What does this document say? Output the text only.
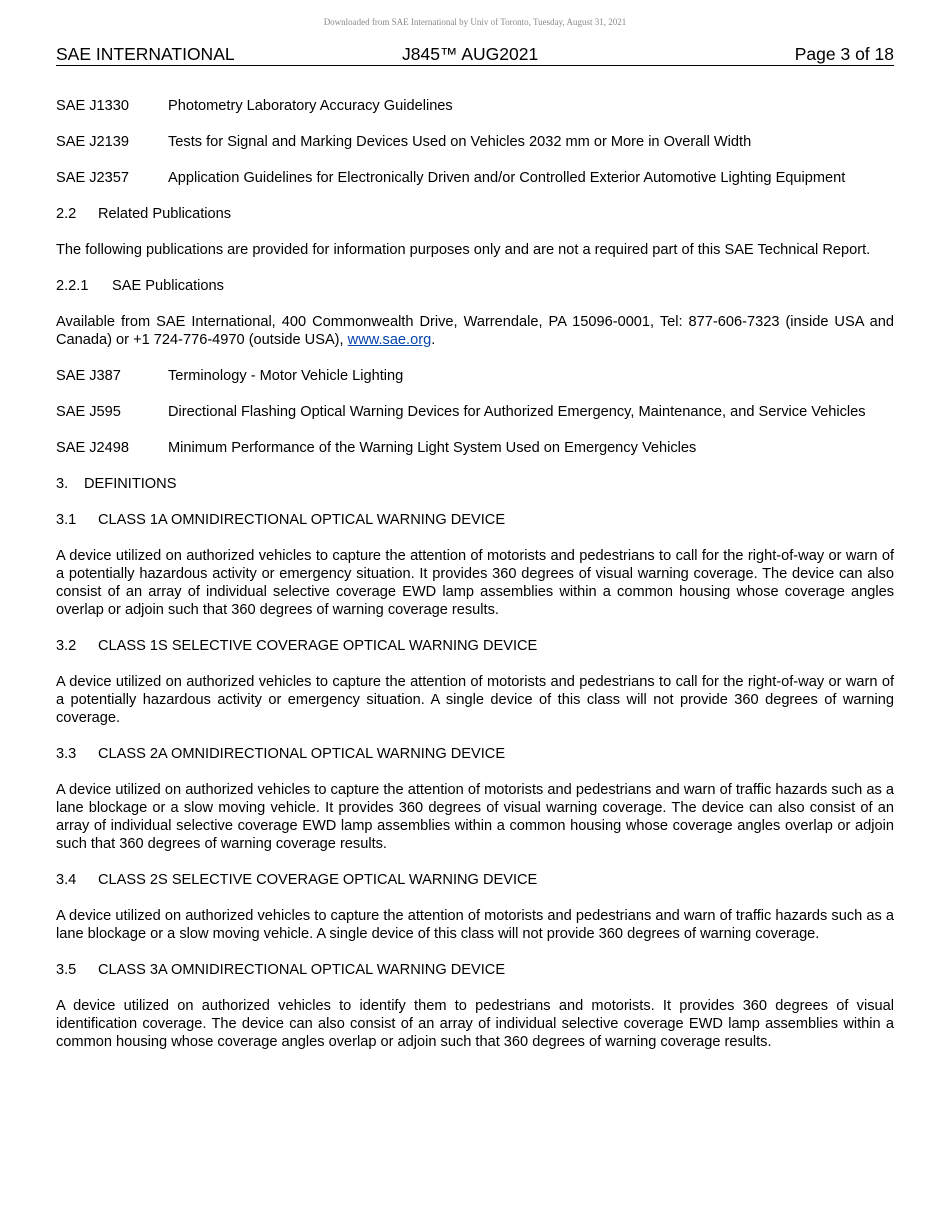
Downloaded from SAE International by Univ of Toronto, Tuesday, August 31, 2021
SAE INTERNATIONAL	J845™ AUG2021	Page 3 of 18
SAE J1330	Photometry Laboratory Accuracy Guidelines
SAE J2139	Tests for Signal and Marking Devices Used on Vehicles 2032 mm or More in Overall Width
SAE J2357	Application Guidelines for Electronically Driven and/or Controlled Exterior Automotive Lighting Equipment
2.2 Related Publications

The following publications are provided for information purposes only and are not a required part of this SAE Technical Report.

2.2.1 SAE Publications

Available from SAE International, 400 Commonwealth Drive, Warrendale, PA 15096-0001, Tel: 877-606-7323 (inside USA and Canada) or +1 724-776-4970 (outside USA), www.sae.org.

SAE J387	Terminology - Motor Vehicle Lighting
SAE J595	Directional Flashing Optical Warning Devices for Authorized Emergency, Maintenance, and Service Vehicles
SAE J2498	Minimum Performance of the Warning Light System Used on Emergency Vehicles
3. DEFINITIONS
3.1 CLASS 1A OMNIDIRECTIONAL OPTICAL WARNING DEVICE

A device utilized on authorized vehicles to capture the attention of motorists and pedestrians to call for the right-of-way or warn of a potentially hazardous activity or emergency situation. It provides 360 degrees of visual warning coverage. The device can also consist of an array of individual selective coverage EWD lamp assemblies within a common housing whose coverage angles overlap or adjoin such that 360 degrees of warning coverage results.

3.2 CLASS 1S SELECTIVE COVERAGE OPTICAL WARNING DEVICE

A device utilized on authorized vehicles to capture the attention of motorists and pedestrians to call for the right-of-way or warn of a potentially hazardous activity or emergency situation. A single device of this class will not provide 360 degrees of warning coverage.

3.3 CLASS 2A OMNIDIRECTIONAL OPTICAL WARNING DEVICE

A device utilized on authorized vehicles to capture the attention of motorists and pedestrians and warn of traffic hazards such as a lane blockage or a slow moving vehicle. It provides 360 degrees of visual warning coverage. The device can also consist of an array of individual selective coverage EWD lamp assemblies within a common housing whose coverage angles overlap or adjoin such that 360 degrees of warning coverage results.

3.4 CLASS 2S SELECTIVE COVERAGE OPTICAL WARNING DEVICE

A device utilized on authorized vehicles to capture the attention of motorists and pedestrians and warn of traffic hazards such as a lane blockage or a slow moving vehicle. A single device of this class will not provide 360 degrees of warning coverage.

3.5 CLASS 3A OMNIDIRECTIONAL OPTICAL WARNING DEVICE

A device utilized on authorized vehicles to identify them to pedestrians and motorists. It provides 360 degrees of visual identification coverage. The device can also consist of an array of individual selective coverage EWD lamp assemblies within a common housing whose coverage angles overlap or adjoin such that 360 degrees of warning coverage results.
